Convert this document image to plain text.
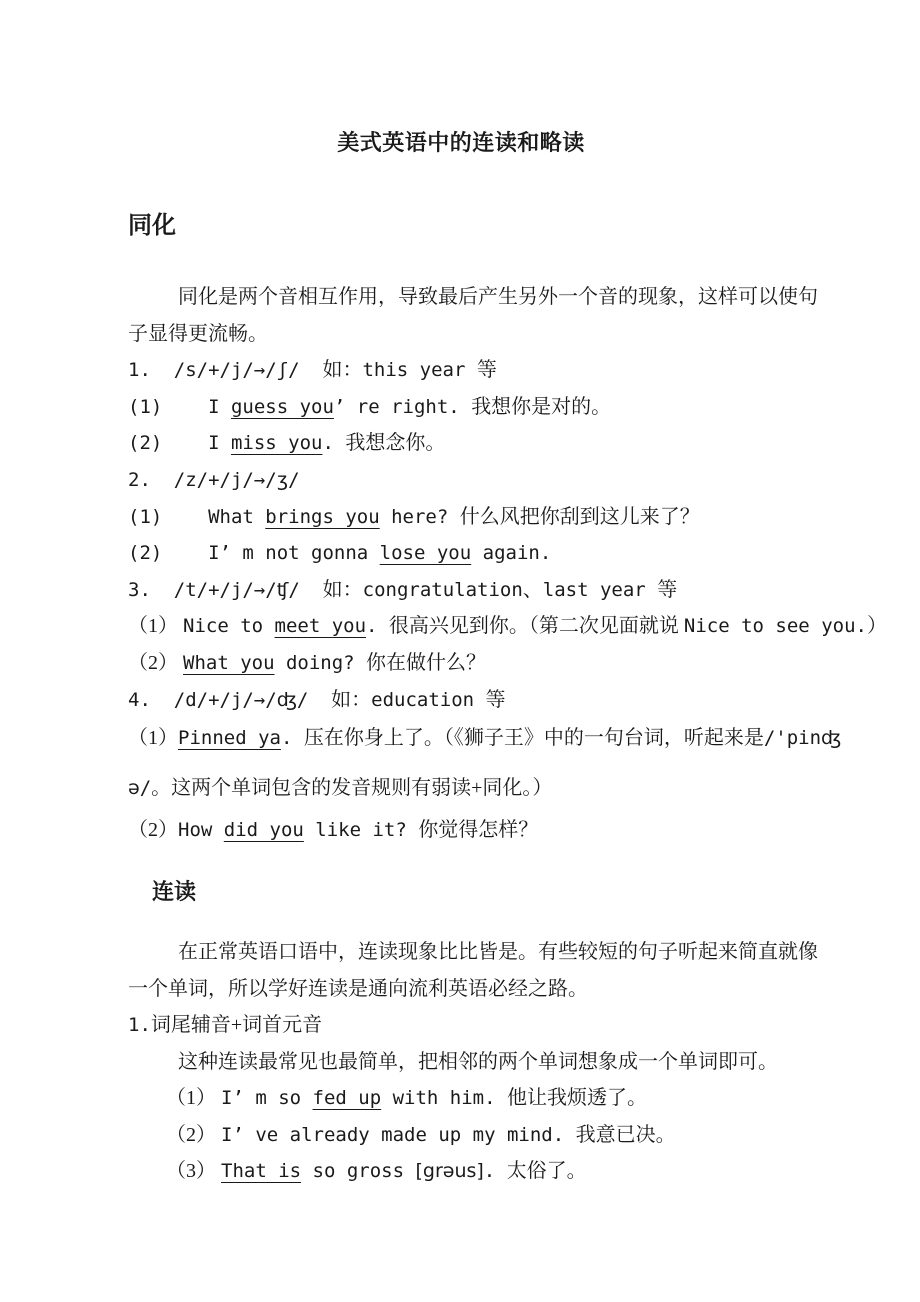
美式英语中的连读和略读
同化
同化是两个音相互作用，导致最后产生另外一个音的现象，这样可以使句
子显得更流畅。
1.  /s/+/j/→/ʃ/  如：this year 等
(1)    I guess you’ re right. 我想你是对的。
(2)    I miss you. 我想念你。
2.  /z/+/j/→/ʒ/
(1)    What brings you here? 什么风把你刮到这儿来了？
(2)    I’ m not gonna lose you again.
3.  /t/+/j/→/ʧ/  如：congratulation、last year 等
（1） Nice to meet you. 很高兴见到你。（第二次见面就说 Nice to see you.）
（2） What you doing? 你在做什么？
4.  /d/+/j/→/ʤ/  如：education 等
（1）Pinned ya. 压在你身上了。（《狮子王》中的一句台词，听起来是/'pinʤ
ə/。这两个单词包含的发音规则有弱读+同化。）
（2）How did you like it? 你觉得怎样？
连读
在正常英语口语中，连读现象比比皆是。有些较短的句子听起来简直就像
一个单词，所以学好连读是通向流利英语必经之路。
1.词尾辅音+词首元音
这种连读最常见也最简单，把相邻的两个单词想象成一个单词即可。
（1） I’ m so fed up with him. 他让我烦透了。
（2） I’ ve already made up my mind. 我意已决。
（3） That is so gross [grəus]. 太俗了。
